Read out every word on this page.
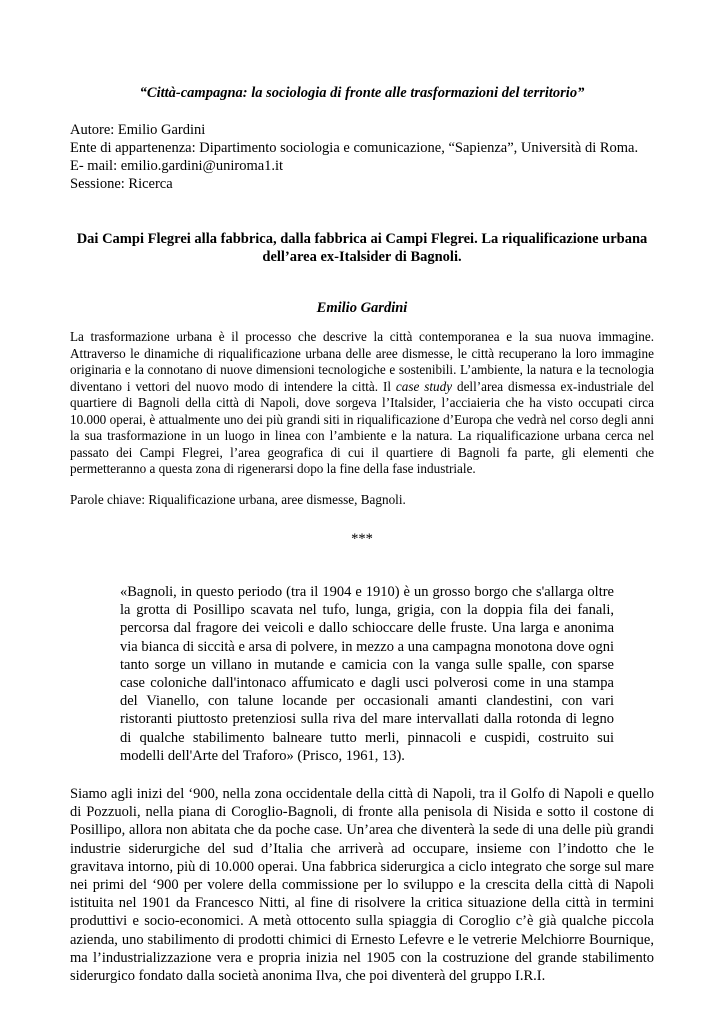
“Città-campagna: la sociologia di fronte alle trasformazioni del territorio”

Autore: Emilio Gardini

Ente di appartenenza: Dipartimento sociologia e comunicazione, “Sapienza”, Università di Roma.

E- mail: emilio.gardini@uniroma1.it

Sessione: Ricerca

Dai Campi Flegrei alla fabbrica, dalla fabbrica ai Campi Flegrei. La riqualificazione urbana dell’area ex-Italsider di Bagnoli.

Emilio Gardini

La trasformazione urbana è il processo che descrive la città contemporanea e la sua nuova immagine. Attraverso le dinamiche di riqualificazione urbana delle aree dismesse, le città recuperano la loro immagine originaria e la connotano di nuove dimensioni tecnologiche e sostenibili. L’ambiente, la natura e la tecnologia diventano i vettori del nuovo modo di intendere la città. Il case study dell’area dismessa ex-industriale del quartiere di Bagnoli della città di Napoli, dove sorgeva l’Italsider, l’acciaieria che ha visto occupati circa 10.000 operai, è attualmente uno dei più grandi siti in riqualificazione d’Europa che vedrà nel corso degli anni la sua trasformazione in un luogo in linea con l’ambiente e la natura. La riqualificazione urbana cerca nel passato dei Campi Flegrei, l’area geografica di cui il quartiere di Bagnoli fa parte, gli elementi che permetteranno a questa zona di rigenerarsi dopo la fine della fase industriale.

Parole chiave: Riqualificazione urbana, aree dismesse, Bagnoli.

***

«Bagnoli, in questo periodo (tra il 1904 e 1910) è un grosso borgo che s'allarga oltre la grotta di Posillipo scavata nel tufo, lunga, grigia, con la doppia fila dei fanali, percorsa dal fragore dei veicoli e dallo schioccare delle fruste. Una larga e anonima via bianca di siccità e arsa di polvere, in mezzo a una campagna monotona dove ogni tanto sorge un villano in mutande e camicia con la vanga sulle spalle, con sparse case coloniche dall'intonaco affumicato e dagli usci polverosi come in una stampa del Vianello, con talune locande per occasionali amanti clandestini, con vari ristoranti piuttosto pretenziosi sulla riva del mare intervallati dalla rotonda di legno di qualche stabilimento balneare tutto merli, pinnacoli e cuspidi, costruito sui modelli dell'Arte del Traforo» (Prisco, 1961, 13).

Siamo agli inizi del ‘900, nella zona occidentale della città di Napoli, tra il Golfo di Napoli e quello di Pozzuoli, nella piana di Coroglio-Bagnoli, di fronte alla penisola di Nisida e sotto il costone di Posillipo, allora non abitata che da poche case. Un’area che diventerà la sede di una delle più grandi industrie siderurgiche del sud d’Italia che arriverà ad occupare, insieme con l’indotto che le gravitava intorno, più di 10.000 operai. Una fabbrica siderurgica a ciclo integrato che sorge sul mare nei primi del ‘900 per volere della commissione per lo sviluppo e la crescita della città di Napoli istituita nel 1901 da Francesco Nitti, al fine di risolvere la critica situazione della città in termini produttivi e socio-economici. A metà ottocento sulla spiaggia di Coroglio c’è già qualche piccola azienda, uno stabilimento di prodotti chimici di Ernesto Lefevre e le vetrerie Melchiorre Bournique, ma l’industrializzazione vera e propria inizia nel 1905 con la costruzione del grande stabilimento siderurgico fondato dalla società anonima Ilva, che poi diventerà del gruppo I.R.I.
